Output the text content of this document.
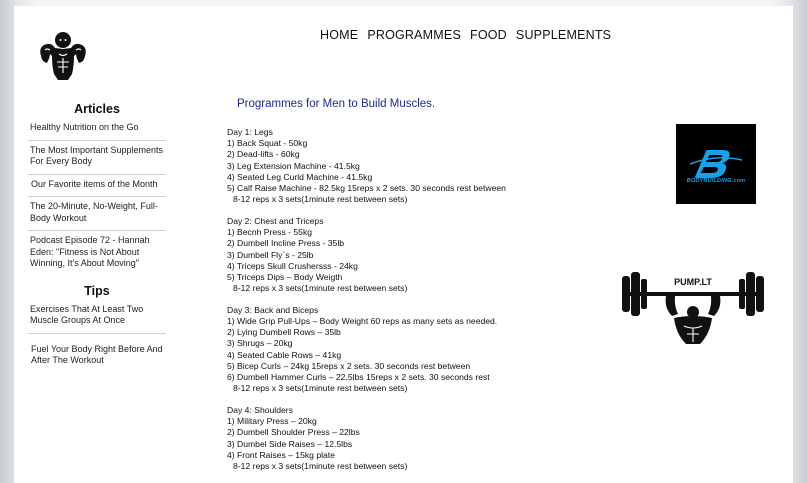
HOME PROGRAMMES FOOD SUPPLEMENTS
Articles
Healthy Nutrition on the Go
The Most Important Supplements For Every Body
Our Favorite items of the Month
The 20-Minute, No-Weight, Full-Body Workout
Podcast Episode 72 - Hannah Eden: "Fitness is Not About Winning, It's About Moving"
Tips
Exercises That At Least Two Muscle Groups At Once
Fuel Your Body Right Before And After The Workout
Programmes for Men to Build Muscles.
Day 1: Legs
1) Back Squat - 50kg
2) Dead-lifts - 60kg
3) Leg Extension Machine - 41.5kg
4) Seated Leg Curld Machine - 41.5kg
5) Calf Raise Machine - 82.5kg 15reps x 2 sets. 30 seconds rest between
8-12 reps x 3 sets(1minute rest between sets)
Day 2: Chest and Triceps
1) Becnh Press - 55kg
2) Dumbell Incline Press - 35lb
3) Dumbell Fly`s - 25lb
4) Triceps Skull Crushersss - 24kg
5) Triceps Dips – Body Weigth
8-12 reps x 3 sets(1minute rest between sets)
Day 3: Back and Biceps
1) Wide Grip Pull-Ups – Body Weight 60 reps as many sets as needed.
2) Lying Dumbell Rows – 35lb
3) Shrugs – 20kg
4) Seated Cable Rows – 41kg
5) Bicep Curls – 24kg 15reps x 2 sets. 30 seconds rest between
6) Dumbell Hammer Curls – 22.5lbs 15reps x 2 sets. 30 seconds rest
8-12 reps x 3 sets(1minute rest between sets)
Day 4: Shoulders
1) Military Press – 20kg
2) Dumbell Shoulder Press – 22lbs
3) Dumbel Side Raises – 12.5lbs
4) Front Raises – 15kg plate
8-12 reps x 3 sets(1minute rest between sets)
BODYBUILDING.com
PUMP.LT
